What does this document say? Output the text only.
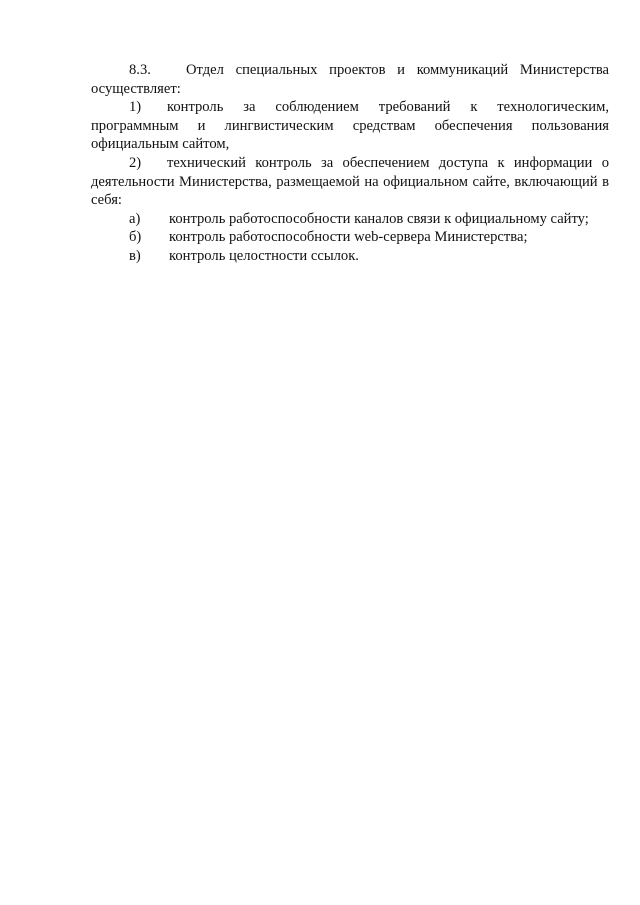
8.3. Отдел специальных проектов и коммуникаций Министерства осуществляет:

1) контроль за соблюдением требований к технологическим, программным и лингвистическим средствам обеспечения пользования официальным сайтом,

2) технический контроль за обеспечением доступа к информации о деятельности Министерства, размещаемой на официальном сайте, включающий в себя:

а) контроль работоспособности каналов связи к официальному сайту;
б) контроль работоспособности web-сервера Министерства;
в) контроль целостности ссылок.
